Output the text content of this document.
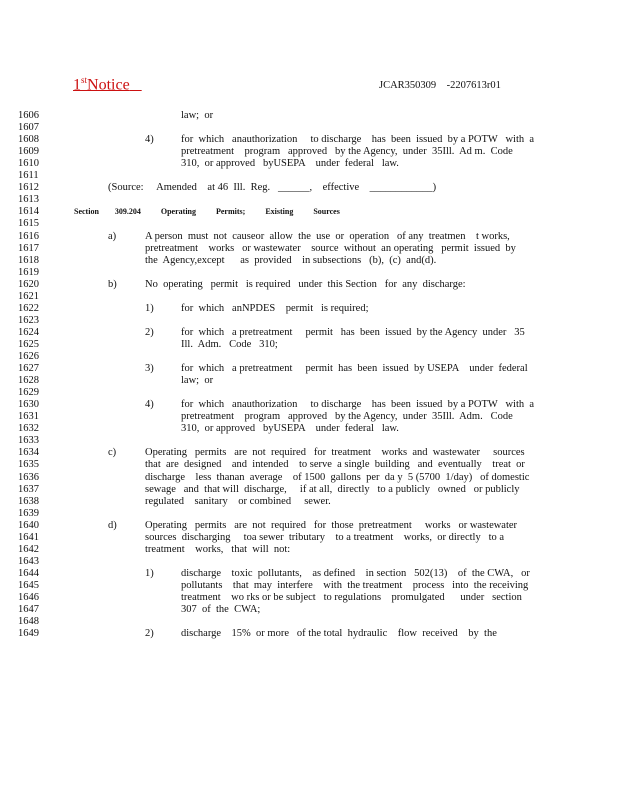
1stNotice	JCAR350309    -2207613r01
1606
1607
1608
1609
1610
1611
1612
1613
1614
1615
1616
1617
1618
1619
1620
1621
1622
1623
1624
1625
1626
1627
1628
1629
1630
1631
1632
1633
1634
1635
1636
1637
1638
1639
1640
1641
1642
1643
1644
1645
1646
1647
1648
1649
law;  or
4)	for  which   anauthorization     to discharge    has  been  issued  by a POTW   with  a
pretreatment    program   approved   by the Agency,  under  35Ill.  Ad m.  Code
310,  or approved   byUSEPA    under  federal   law.
(Source:     Amended    at 46  Ill.  Reg.   ______,    effective    ____________)
Section        309.204          Operating          Permits;          Existing          Sources
a)	A person  must  not  causeor  allow  the  use  or  operation   of any  treatmen    t works,
pretreatment    works   or wastewater    source  without  an operating   permit  issued  by
the  Agency,except      as  provided    in subsections   (b),  (c)  and(d).
b)	No  operating   permit   is required   under  this Section   for  any  discharge:
1)	for  which   anNPDES    permit   is required;
2)	for  which   a pretreatment     permit   has  been  issued  by the Agency  under   35
Ill.  Adm.   Code   310;
3)	for  which   a pretreatment     permit  has  been  issued  by USEPA    under  federal
law;  or
4)	for  which   anauthorization     to discharge    has  been  issued  by a POTW   with  a
pretreatment    program   approved   by the Agency,  under  35Ill.  Adm.   Code
310,  or approved   byUSEPA    under  federal   law.
c)	Operating   permits   are  not  required   for  treatment    works  and  wastewater     sources
that  are  designed    and  intended    to serve  a single  building   and  eventually    treat  or
discharge    less  thanan  average    of 1500  gallons  per  da y  5 (5700  1/day)   of domestic
sewage   and  that will  discharge,     if at all,  directly   to a publicly   owned   or publicly
regulated    sanitary    or combined     sewer.
d)	Operating   permits   are  not  required   for  those  pretreatment     works   or wastewater
sources  discharging     toa sewer  tributary    to a treatment    works,  or directly   to a
treatment    works,   that  will  not:
1)	discharge    toxic  pollutants,    as defined    in section   502(13)    of  the CWA,   or
pollutants    that  may  interfere    with  the treatment    process   into  the receiving
treatment    wo rks or be subject   to regulations    promulgated      under   section
307  of  the  CWA;
2)	discharge    15%  or more   of the total  hydraulic    flow  received    by  the
